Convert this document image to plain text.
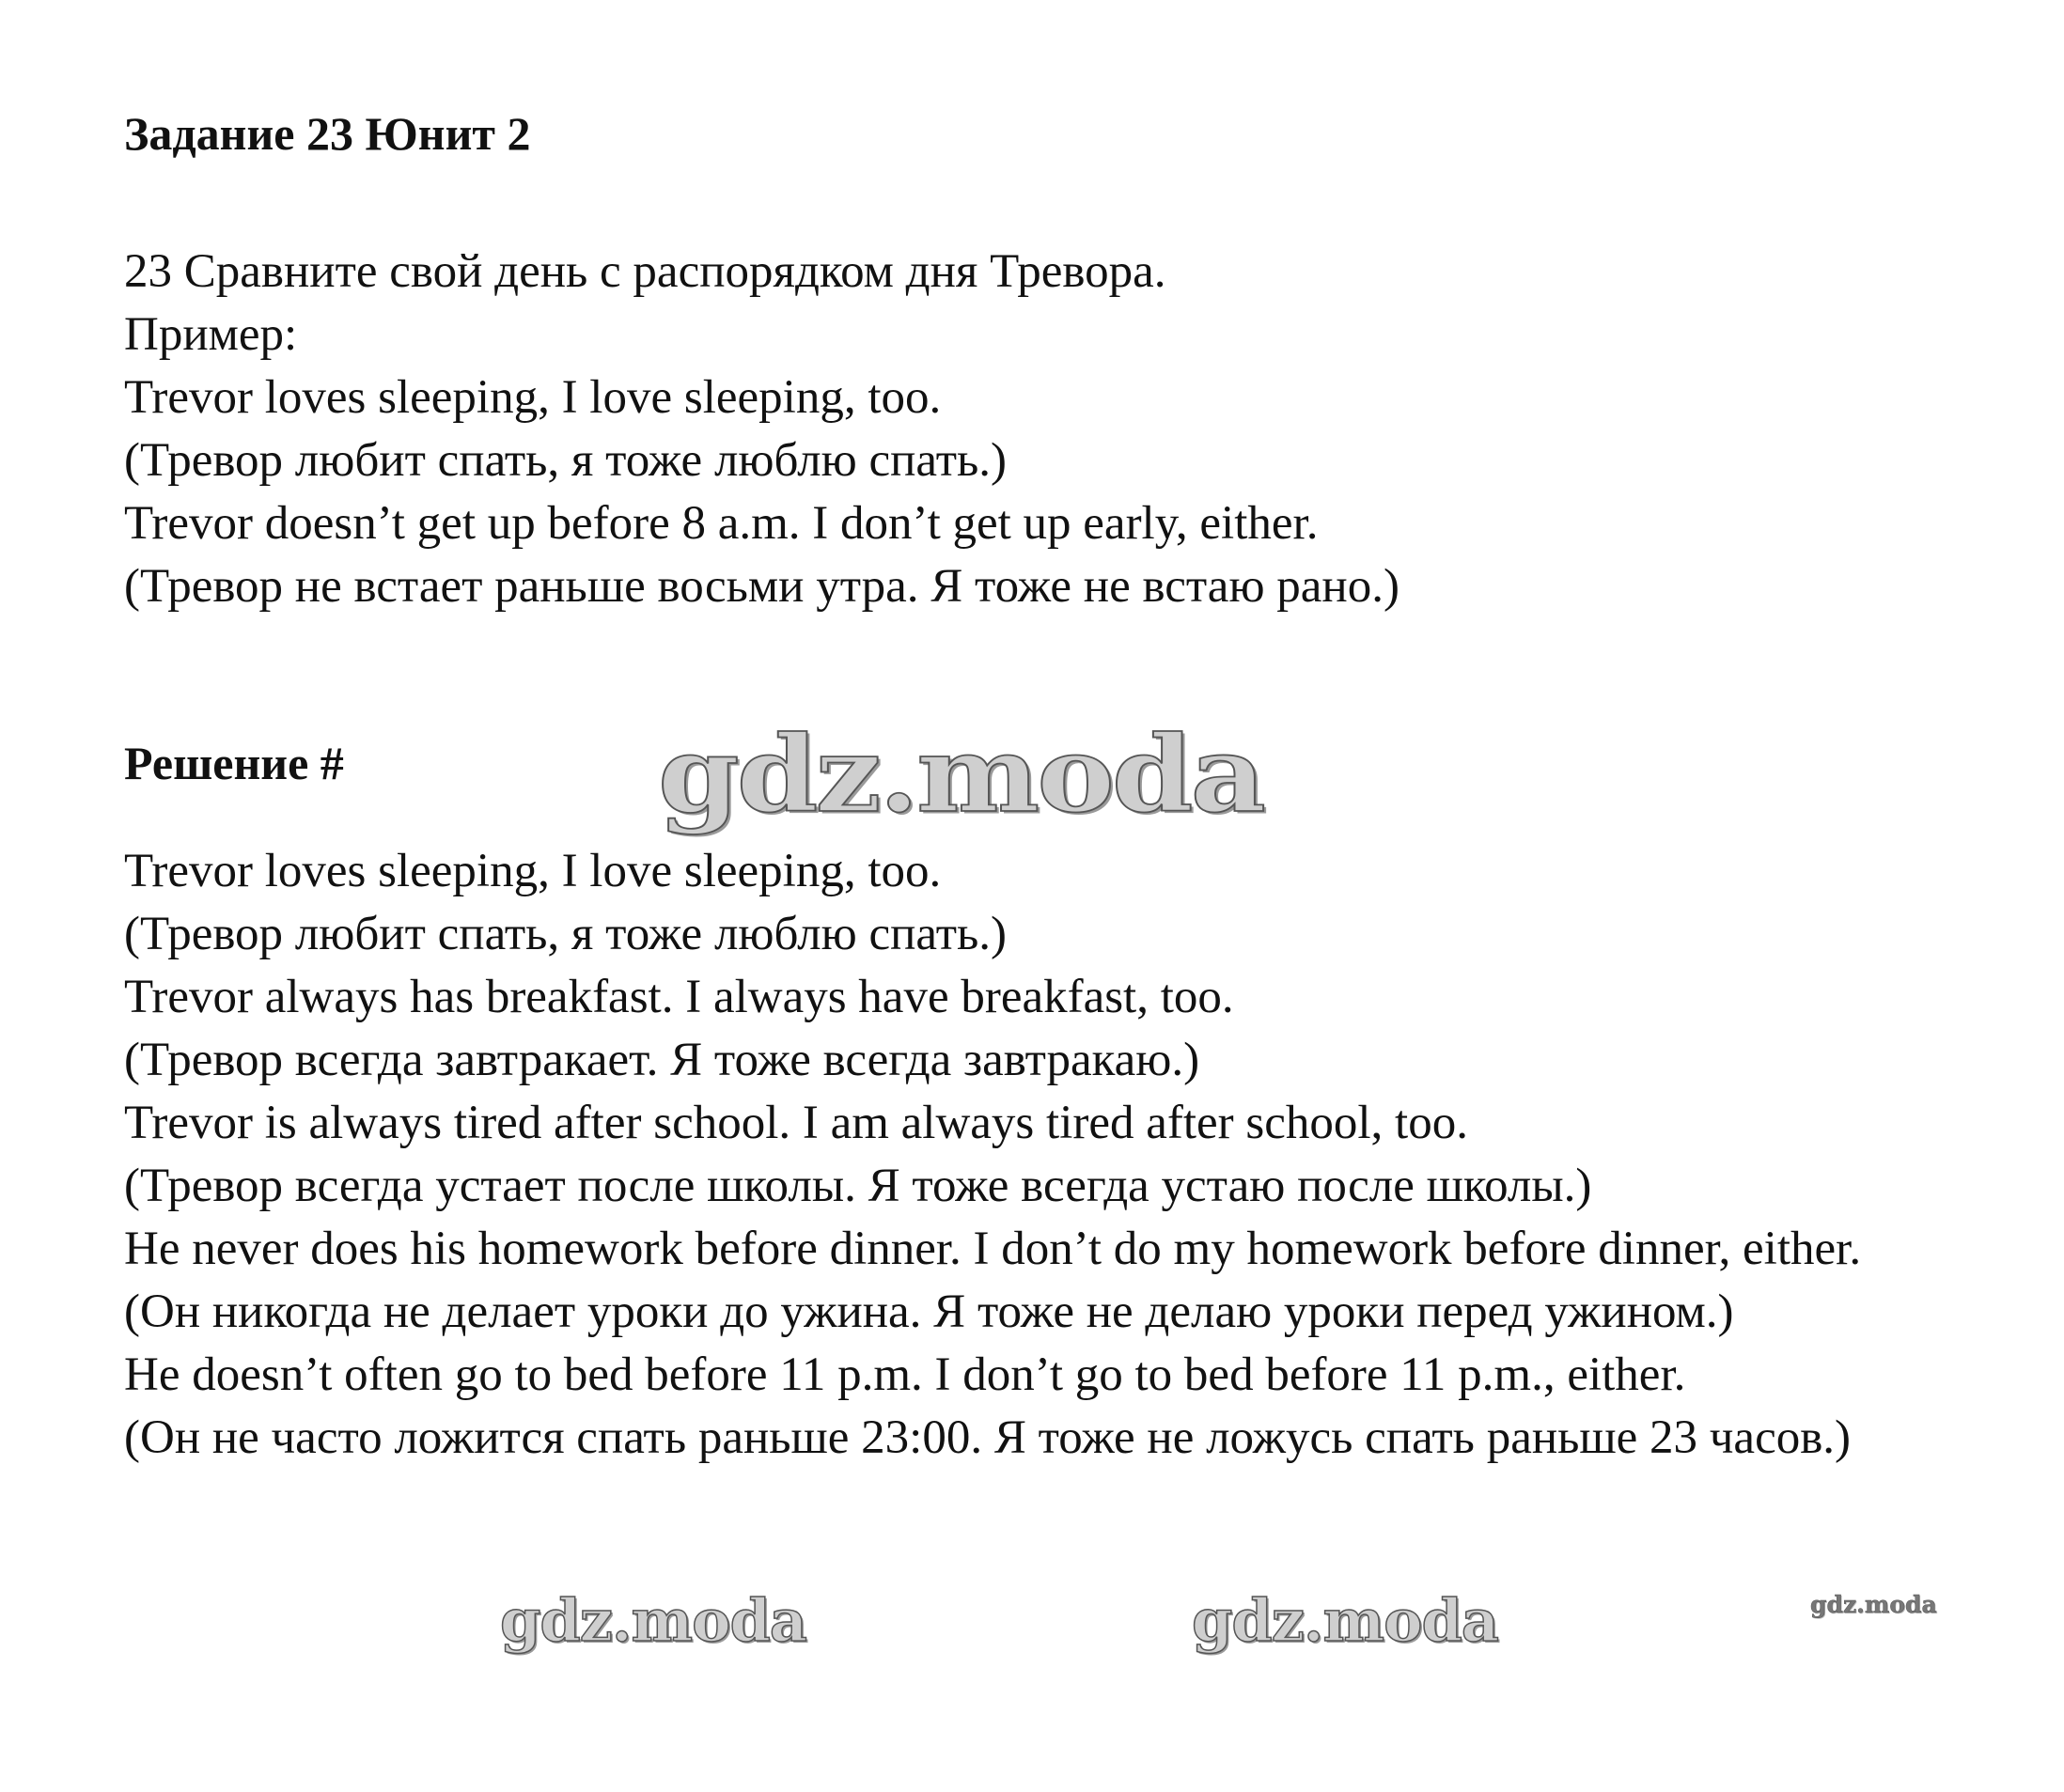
Задание 23 Юнит 2
23 Сравните свой день с распорядком дня Тревора.
Пример:
Trevor loves sleeping, I love sleeping, too.
(Тревор любит спать, я тоже люблю спать.)
Trevor doesn’t get up before 8 a.m. I don’t get up early, either.
(Тревор не встает раньше восьми утра. Я тоже не встаю рано.)
Решение #
Trevor loves sleeping, I love sleeping, too.
(Тревор любит спать, я тоже люблю спать.)
Trevor always has breakfast. I always have breakfast, too.
(Тревор всегда завтракает. Я тоже всегда завтракаю.)
Trevor is always tired after school. I am always tired after school, too.
(Тревор всегда устает после школы. Я тоже всегда устаю после школы.)
He never does his homework before dinner. I don’t do my homework before dinner, either.
(Он никогда не делает уроки до ужина. Я тоже не делаю уроки перед ужином.)
He doesn’t often go to bed before 11 p.m. I don’t go to bed before 11 p.m., either.
(Он не часто ложится спать раньше 23:00. Я тоже не ложусь спать раньше 23 часов.)
gdz.moda
gdz.moda	gdz.moda	gdz.moda
